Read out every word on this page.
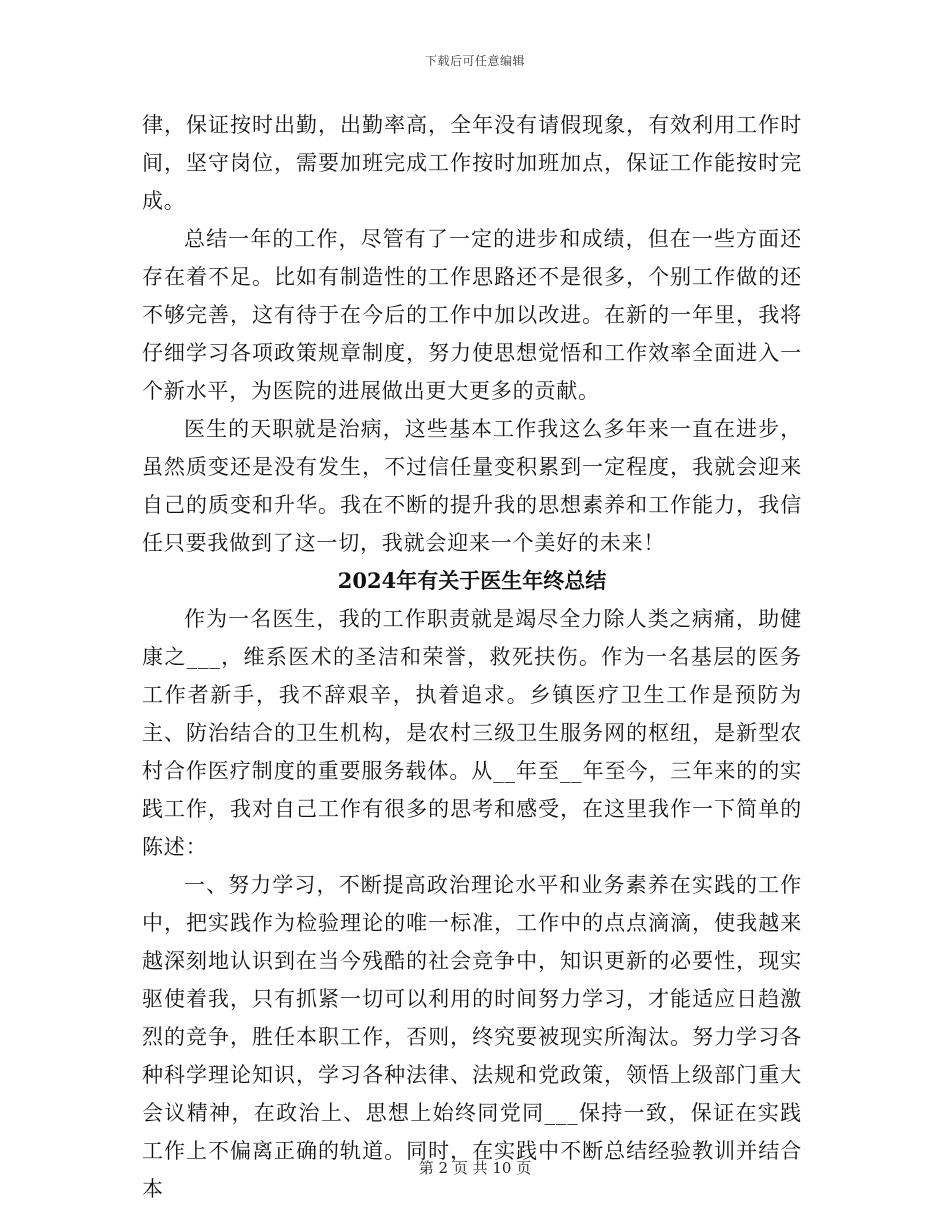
下载后可任意编辑

律，保证按时出勤，出勤率高，全年没有请假现象，有效利用工作时间，坚守岗位，需要加班完成工作按时加班加点，保证工作能按时完成。

总结一年的工作，尽管有了一定的进步和成绩，但在一些方面还存在着不足。比如有制造性的工作思路还不是很多，个别工作做的还不够完善，这有待于在今后的工作中加以改进。在新的一年里，我将仔细学习各项政策规章制度，努力使思想觉悟和工作效率全面进入一个新水平，为医院的进展做出更大更多的贡献。

医生的天职就是治病，这些基本工作我这么多年来一直在进步，虽然质变还是没有发生，不过信任量变积累到一定程度，我就会迎来自己的质变和升华。我在不断的提升我的思想素养和工作能力，我信任只要我做到了这一切，我就会迎来一个美好的未来！

2024年有关于医生年终总结

作为一名医生，我的工作职责就是竭尽全力除人类之病痛，助健康之___，维系医术的圣洁和荣誉，救死扶伤。作为一名基层的医务工作者新手，我不辞艰辛，执着追求。乡镇医疗卫生工作是预防为主、防治结合的卫生机构，是农村三级卫生服务网的枢纽，是新型农村合作医疗制度的重要服务载体。从__年至__年至今，三年来的的实践工作，我对自己工作有很多的思考和感受，在这里我作一下简单的陈述：

一、努力学习，不断提高政治理论水平和业务素养在实践的工作中，把实践作为检验理论的唯一标准，工作中的点点滴滴，使我越来越深刻地认识到在当今残酷的社会竞争中，知识更新的必要性，现实驱使着我，只有抓紧一切可以利用的时间努力学习，才能适应日趋激烈的竞争，胜任本职工作，否则，终究要被现实所淘汰。努力学习各种科学理论知识，学习各种法律、法规和党政策，领悟上级部门重大会议精神，在政治上、思想上始终同党同___保持一致，保证在实践工作上不偏离正确的轨道。同时，在实践中不断总结经验教训并结合本

第 2 页 共 10 页
